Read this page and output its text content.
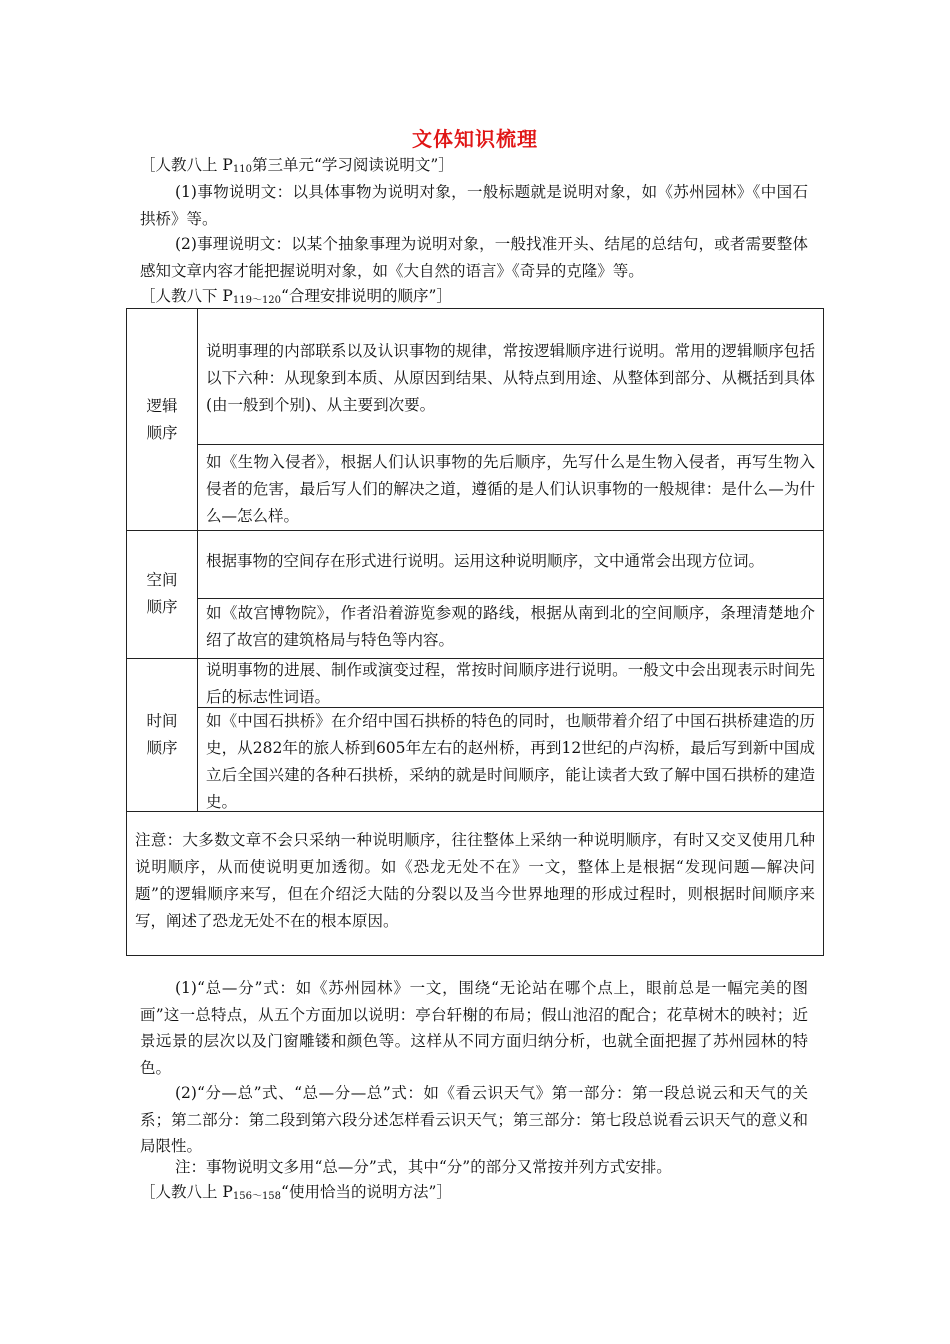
文体知识梳理
［人教八上 $P_{110}$第三单元“学习阅读说明文”］
(1)事物说明文：以具体事物为说明对象，一般标题就是说明对象，如《苏州园林》《中国石拱桥》等。
(2)事理说明文：以某个抽象事理为说明对象，一般找准开头、结尾的总结句，或者需要整体感知文章内容才能把握说明对象，如《大自然的语言》《奇异的克隆》等。
［人教八下 $P_{119\sim 120}“$合理安排说明的顺序”］
逻辑顺序
说明事理的内部联系以及认识事物的规律，常按逻辑顺序进行说明。常用的逻辑顺序包括以下六种：从现象到本质、从原因到结果、从特点到用途、从整体到部分、从概括到具体(由一般到个别)、从主要到次要。
如《生物入侵者》，根据人们认识事物的先后顺序，先写什么是生物入侵者，再写生物入侵者的危害，最后写人们的解决之道，遵循的是人们认识事物的一般规律：是什么—为什么—怎么样。
空间顺序
根据事物的空间存在形式进行说明。运用这种说明顺序，文中通常会出现方位词。
如《故宫博物院》，作者沿着游览参观的路线，根据从南到北的空间顺序，条理清楚地介绍了故宫的建筑格局与特色等内容。
时间顺序
说明事物的进展、制作或演变过程，常按时间顺序进行说明。一般文中会出现表示时间先后的标志性词语。
如《中国石拱桥》在介绍中国石拱桥的特色的同时，也顺带着介绍了中国石拱桥建造的历史，从282年的旅人桥到605年左右的赵州桥，再到12世纪的卢沟桥，最后写到新中国成立后全国兴建的各种石拱桥，采纳的就是时间顺序，能让读者大致了解中国石拱桥的建造史。
注意：大多数文章不会只采纳一种说明顺序，往往整体上采纳一种说明顺序，有时又交叉使用几种说明顺序，从而使说明更加透彻。如《恐龙无处不在》一文，整体上是根据“发现问题—解决问题”的逻辑顺序来写，但在介绍泛大陆的分裂以及当今世界地理的形成过程时，则根据时间顺序来写，阐述了恐龙无处不在的根本原因。
(1)“总—分”式：如《苏州园林》一文，围绕“无论站在哪个点上，眼前总是一幅完美的图画”这一总特点，从五个方面加以说明：亭台轩榭的布局；假山池沼的配合；花草树木的映衬；近景远景的层次以及门窗雕镂和颜色等。这样从不同方面归纳分析，也就全面把握了苏州园林的特色。
(2)“分—总”式、“总—分—总”式：如《看云识天气》第一部分：第一段总说云和天气的关系；第二部分：第二段到第六段分述怎样看云识天气；第三部分：第七段总说看云识天气的意义和局限性。
注：事物说明文多用“总—分”式，其中“分”的部分又常按并列方式安排。
［人教八上 $P_{156\sim 158}“$使用恰当的说明方法”］
